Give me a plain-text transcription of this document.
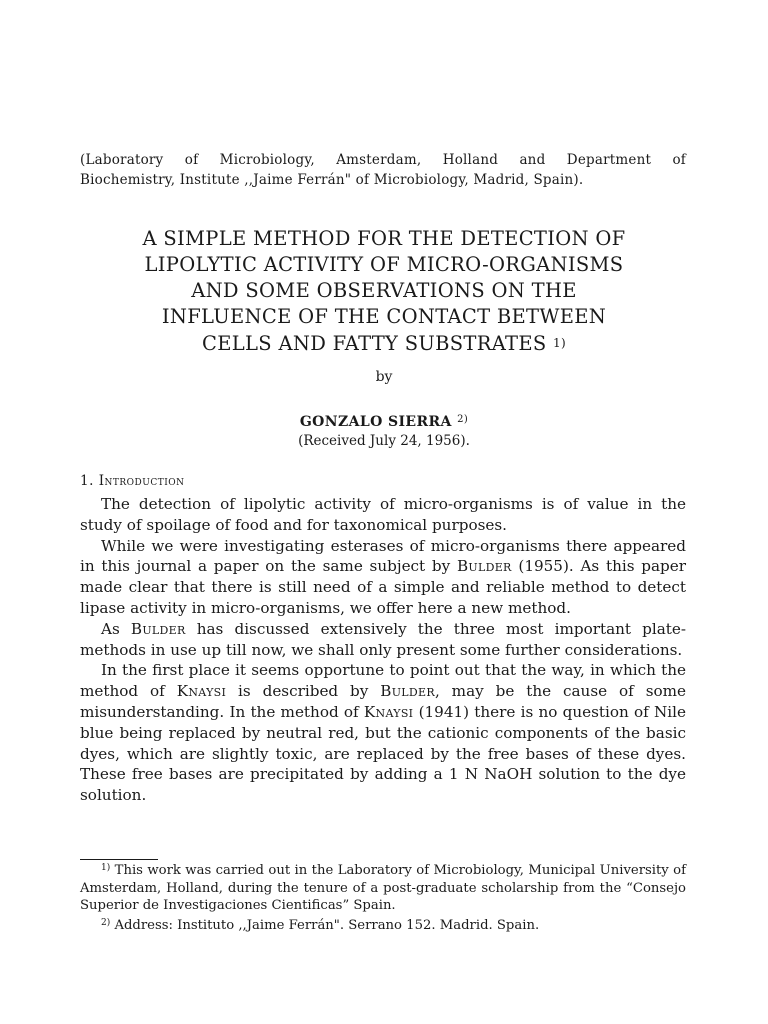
(Laboratory of Microbiology, Amsterdam, Holland and Department of
Biochemistry, Institute ,,Jaime Ferrán" of Microbiology, Madrid, Spain).
A SIMPLE METHOD FOR THE DETECTION OF
LIPOLYTIC ACTIVITY OF MICRO-ORGANISMS
AND SOME OBSERVATIONS ON THE
INFLUENCE OF THE CONTACT BETWEEN
CELLS AND FATTY SUBSTRATES $^{1)}$
by
GONZALO SIERRA $^{2)}$
(Received July 24, 1956).
1. Introduction

The detection of lipolytic activity of micro-organisms is of value in the study of spoilage of food and for taxonomical purposes.

While we were investigating esterases of micro-organisms there appeared in this journal a paper on the same subject by Bulder (1955). As this paper made clear that there is still need of a simple and reliable method to detect lipase activity in micro-organisms, we offer here a new method.

As Bulder has discussed extensively the three most important plate-methods in use up till now, we shall only present some further considerations.

In the first place it seems opportune to point out that the way, in which the method of Knaysi is described by Bulder, may be the cause of some misunderstanding. In the method of Knaysi (1941) there is no question of Nile blue being replaced by neutral red, but the cationic components of the basic dyes, which are slightly toxic, are replaced by the free bases of these dyes. These free bases are precipitated by adding a 1 N NaOH solution to the dye solution.

$^{1)}$ This work was carried out in the Laboratory of Microbiology, Municipal University of Amsterdam, Holland, during the tenure of a post-graduate scholarship from the “Consejo Superior de Investigaciones Cientificas” Spain.

$^{2)}$ Address: Instituto ,,Jaime Ferrán". Serrano 152. Madrid. Spain.
